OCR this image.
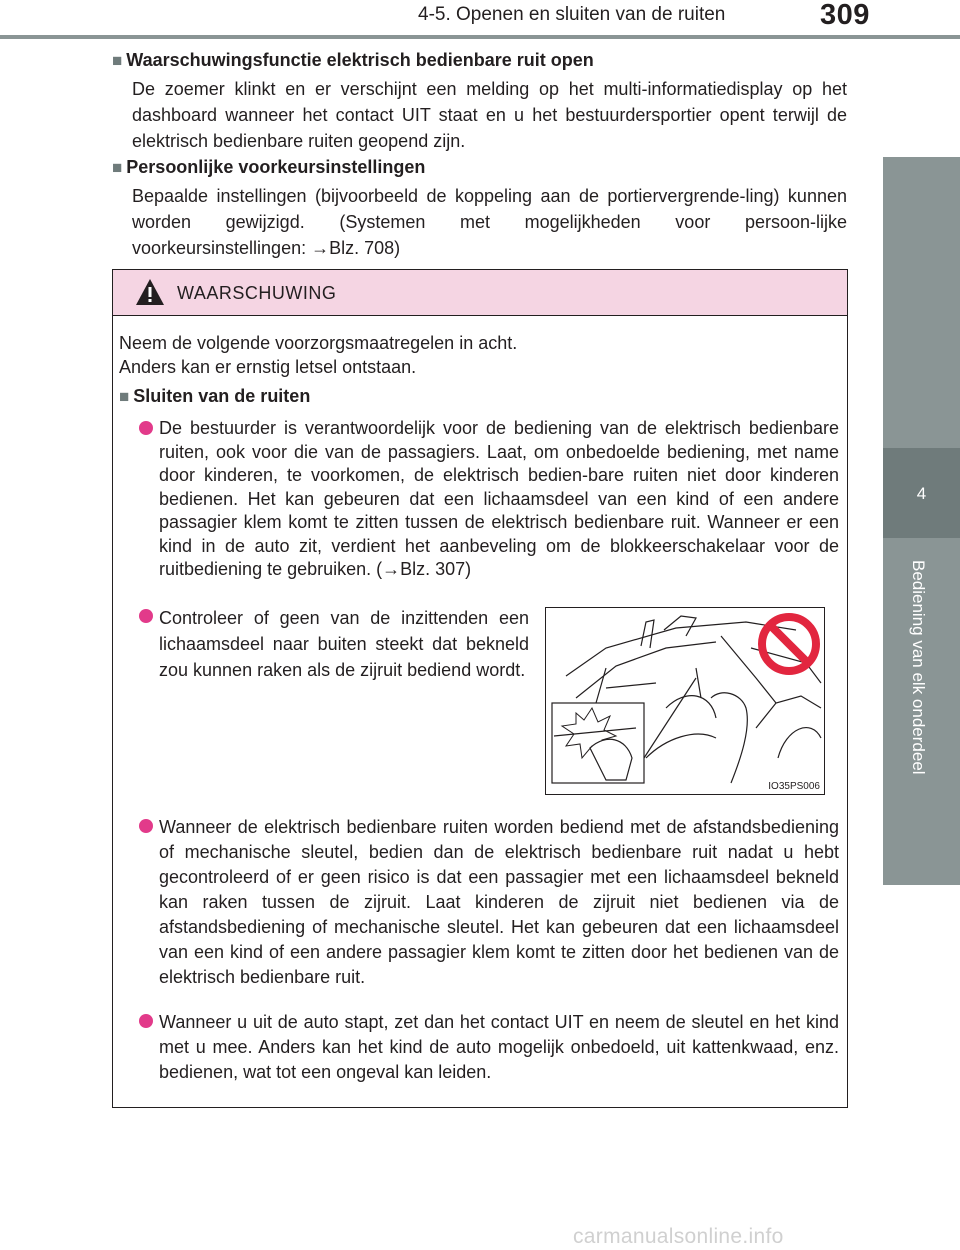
4-5. Openen en sluiten van de ruiten	309
4
Bediening van elk onderdeel
■ Waarschuwingsfunctie elektrisch bedienbare ruit open
De zoemer klinkt en er verschijnt een melding op het multi-informatiedisplay op het dashboard wanneer het contact UIT staat en u het bestuurdersportier opent terwijl de elektrisch bedienbare ruiten geopend zijn.
■ Persoonlijke voorkeursinstellingen
Bepaalde instellingen (bijvoorbeeld de koppeling aan de portiervergrende-ling) kunnen worden gewijzigd. (Systemen met mogelijkheden voor persoon-lijke voorkeursinstellingen: →Blz. 708)
WAARSCHUWING
Neem de volgende voorzorgsmaatregelen in acht.
Anders kan er ernstig letsel ontstaan.
■ Sluiten van de ruiten
De bestuurder is verantwoordelijk voor de bediening van de elektrisch bedienbare ruiten, ook voor die van de passagiers. Laat, om onbedoelde bediening, met name door kinderen, te voorkomen, de elektrisch bedien-bare ruiten niet door kinderen bedienen. Het kan gebeuren dat een lichaamsdeel van een kind of een andere passagier klem komt te zitten tussen de elektrisch bedienbare ruit. Wanneer er een kind in de auto zit, verdient het aanbeveling om de blokkeerschakelaar voor de ruitbediening te gebruiken. (→Blz. 307)
Controleer of geen van de inzittenden een lichaamsdeel naar buiten steekt dat bekneld zou kunnen raken als de zijruit bediend wordt.
IO35PS006
Wanneer de elektrisch bedienbare ruiten worden bediend met de afstandsbediening of mechanische sleutel, bedien dan de elektrisch bedienbare ruit nadat u hebt gecontroleerd of er geen risico is dat een passagier met een lichaamsdeel bekneld kan raken tussen de zijruit. Laat kinderen de zijruit niet bedienen via de afstandsbediening of mechanische sleutel. Het kan gebeuren dat een lichaamsdeel van een kind of een andere passagier klem komt te zitten door het bedienen van de elektrisch bedienbare ruit.
Wanneer u uit de auto stapt, zet dan het contact UIT en neem de sleutel en het kind met u mee. Anders kan het kind de auto mogelijk onbedoeld, uit kattenkwaad, enz. bedienen, wat tot een ongeval kan leiden.
carmanualsonline.info
